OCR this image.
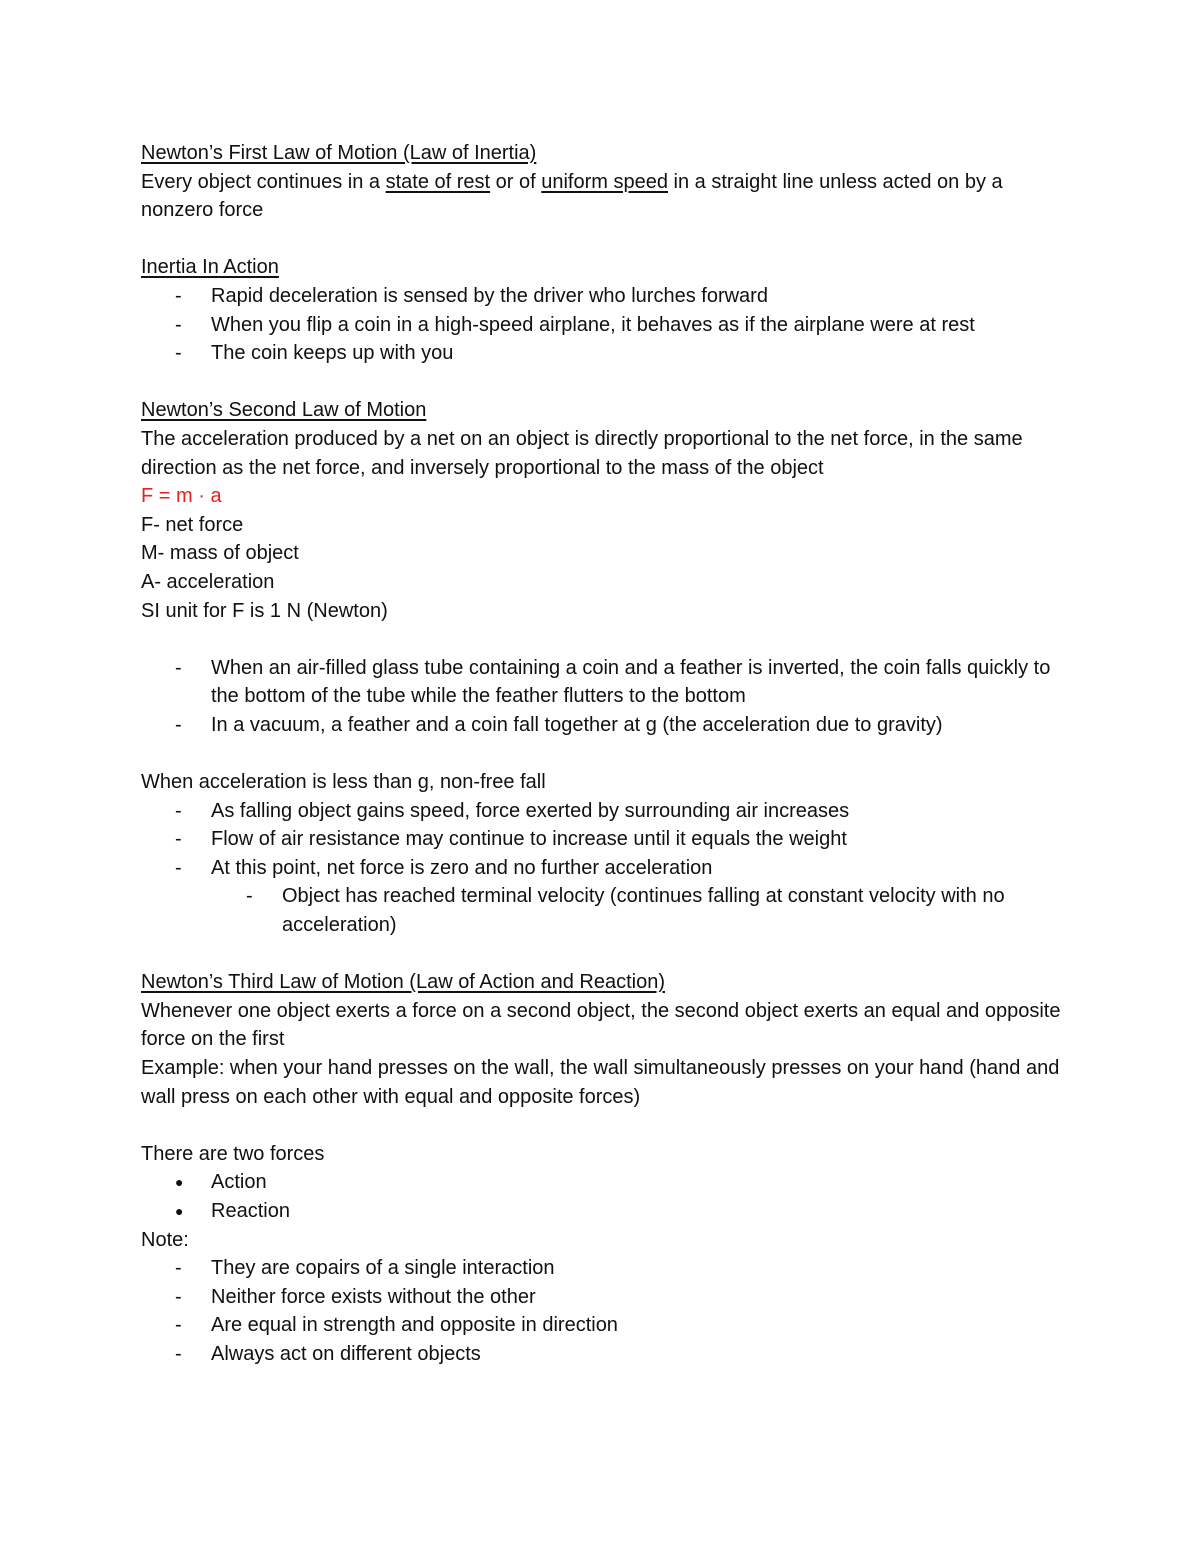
Newton’s First Law of Motion (Law of Inertia)

Every object continues in a state of rest or of uniform speed in a straight line unless acted on by a nonzero force

Inertia In Action

- Rapid deceleration is sensed by the driver who lurches forward
- When you flip a coin in a high-speed airplane, it behaves as if the airplane were at rest
- The coin keeps up with you

Newton’s Second Law of Motion

The acceleration produced by a net on an object is directly proportional to the net force, in the same direction as the net force, and inversely proportional to the mass of the object

F = m · a

F- net force

M- mass of object

A- acceleration

SI unit for F is 1 N (Newton)

- When an air-filled glass tube containing a coin and a feather is inverted, the coin falls quickly to the bottom of the tube while the feather flutters to the bottom
- In a vacuum, a feather and a coin fall together at g (the acceleration due to gravity)

When acceleration is less than g, non-free fall

- As falling object gains speed, force exerted by surrounding air increases
- Flow of air resistance may continue to increase until it equals the weight
- At this point, net force is zero and no further acceleration
- Object has reached terminal velocity (continues falling at constant velocity with no acceleration)

Newton’s Third Law of Motion (Law of Action and Reaction)

Whenever one object exerts a force on a second object, the second object exerts an equal and opposite force on the first

Example: when your hand presses on the wall, the wall simultaneously presses on your hand (hand and wall press on each other with equal and opposite forces)

There are two forces

● Action
● Reaction

Note:

- They are copairs of a single interaction
- Neither force exists without the other
- Are equal in strength and opposite in direction
- Always act on different objects
